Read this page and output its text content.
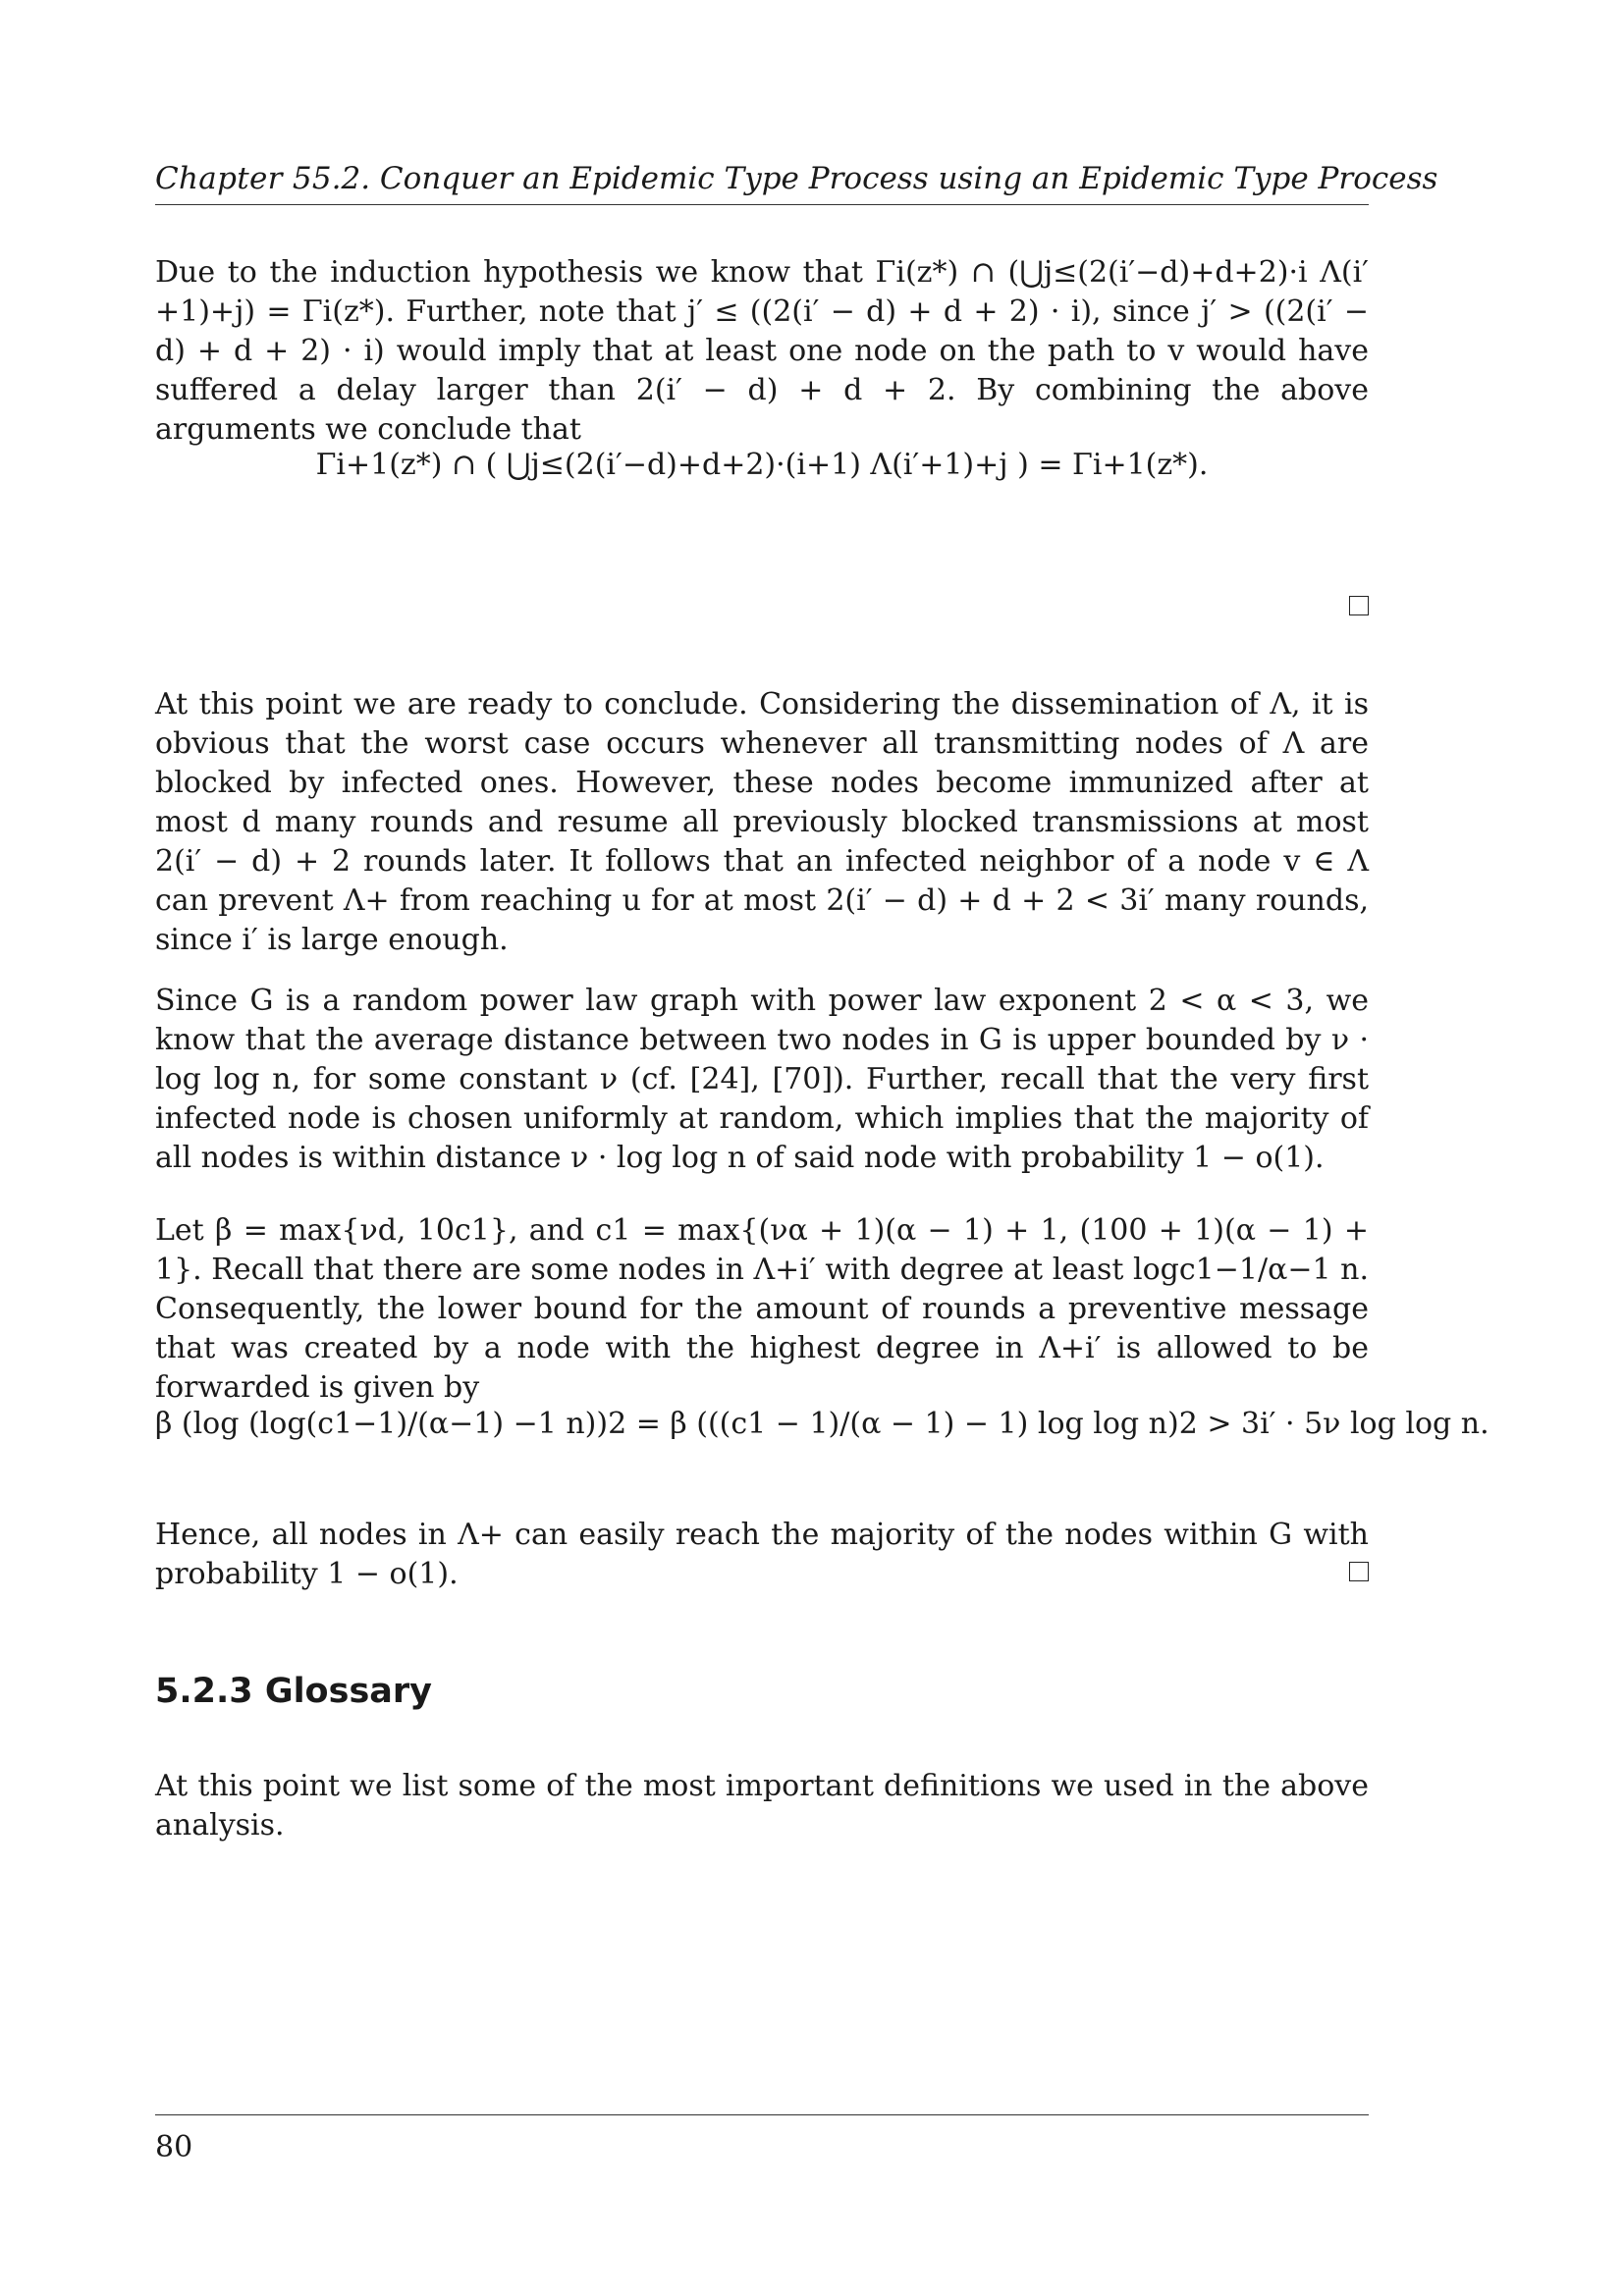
Chapter 5 5.2. Conquer an Epidemic Type Process using an Epidemic Type Process

Due to the induction hypothesis we know that Γi(z*) ∩ (⋃j≤(2(i′−d)+d+2)·i Λ(i′+1)+j) = Γi(z*). Further, note that j′ ≤ ((2(i′ − d) + d + 2) · i), since j′ > ((2(i′ − d) + d + 2) · i) would imply that at least one node on the path to v would have suffered a delay larger than 2(i′ − d) + d + 2. By combining the above arguments we conclude that

Γi+1(z*) ∩ ( ⋃j≤(2(i′−d)+d+2)·(i+1) Λ(i′+1)+j ) = Γi+1(z*).

At this point we are ready to conclude. Considering the dissemination of Λ, it is obvious that the worst case occurs whenever all transmitting nodes of Λ are blocked by infected ones. However, these nodes become immunized after at most d many rounds and resume all previously blocked transmissions at most 2(i′ − d) + 2 rounds later. It follows that an infected neighbor of a node v ∈ Λ can prevent Λ+ from reaching u for at most 2(i′ − d) + d + 2 < 3i′ many rounds, since i′ is large enough.

Since G is a random power law graph with power law exponent 2 < α < 3, we know that the average distance between two nodes in G is upper bounded by ν · log log n, for some constant ν (cf. [24], [70]). Further, recall that the very first infected node is chosen uniformly at random, which implies that the majority of all nodes is within distance ν · log log n of said node with probability 1 − o(1).

Let β = max{νd, 10c1}, and c1 = max{(να + 1)(α − 1) + 1, (100 + 1)(α − 1) + 1}. Recall that there are some nodes in Λ+i′ with degree at least logc1−1/α−1 n. Consequently, the lower bound for the amount of rounds a preventive message that was created by a node with the highest degree in Λ+i′ is allowed to be forwarded is given by

β (log (log(c1−1)/(α−1) −1 n))2 = β (((c1 − 1)/(α − 1) − 1) log log n)2 > 3i′ · 5ν log log n.

Hence, all nodes in Λ+ can easily reach the majority of the nodes within G with probability 1 − o(1).

5.2.3 Glossary

At this point we list some of the most important definitions we used in the above analysis.

80
